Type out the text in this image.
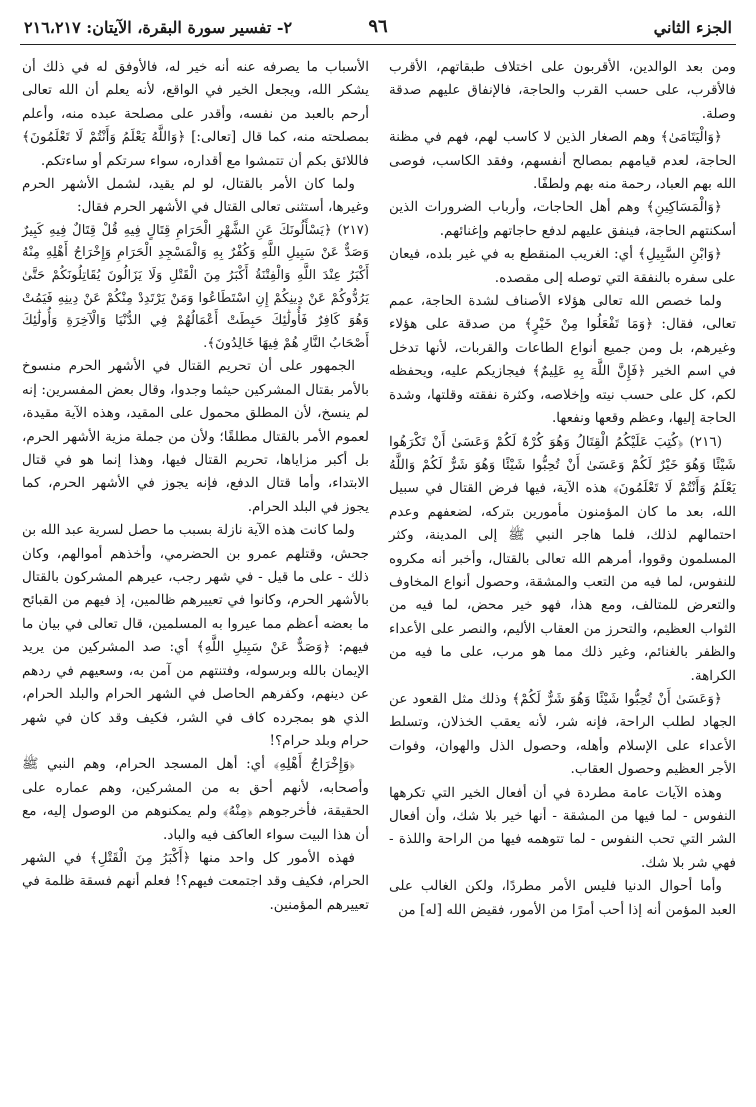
الجزء الثاني
٩٦
٢- تفسير سورة البقرة، الآيتان: ٢١٦،٢١٧

ومن بعد الوالدين، الأقربون على اختلاف طبقاتهم، الأقرب فالأقرب، على حسب القرب والحاجة، فالإنفاق عليهم صدقة وصلة.

﴿وَالْيَتَامَىٰ﴾ وهم الصغار الذين لا كاسب لهم، فهم في مظنة الحاجة، لعدم قيامهم بمصالح أنفسهم، وفقد الكاسب، فوصى الله بهم العباد، رحمة منه بهم ولطفًا.

﴿وَالْمَسَاكِينِ﴾ وهم أهل الحاجات، وأرباب الضرورات الذين أسكنتهم الحاجة، فينفق عليهم لدفع حاجاتهم وإغنائهم.

﴿وَابْنِ السَّبِيلِ﴾ أي: الغريب المنقطع به في غير بلده، فيعان على سفره بالنفقة التي توصله إلى مقصده.

ولما خصص الله تعالى هؤلاء الأصناف لشدة الحاجة، عمم تعالى، فقال: ﴿وَمَا تَفْعَلُوا مِنْ خَيْرٍ﴾ من صدقة على هؤلاء وغيرهم، بل ومن جميع أنواع الطاعات والقربات، لأنها تدخل في اسم الخير ﴿فَإِنَّ اللَّهَ بِهِ عَلِيمٌ﴾ فيجازيكم عليه، ويحفظه لكم، كل على حسب نيته وإخلاصه، وكثرة نفقته وقلتها، وشدة الحاجة إليها، وعظم وقعها ونفعها.

(٢١٦) ﴿كُتِبَ عَلَيْكُمُ الْقِتَالُ وَهُوَ كُرْهٌ لَكُمْ وَعَسَىٰ أَنْ تَكْرَهُوا شَيْئًا وَهُوَ خَيْرٌ لَكُمْ وَعَسَىٰ أَنْ تُحِبُّوا شَيْئًا وَهُوَ شَرٌّ لَكُمْ وَاللَّهُ يَعْلَمُ وَأَنْتُمْ لَا تَعْلَمُونَ﴾ هذه الآية، فيها فرض القتال في سبيل الله، بعد ما كان المؤمنون مأمورين بتركه، لضعفهم وعدم احتمالهم لذلك، فلما هاجر النبي ﷺ إلى المدينة، وكثر المسلمون وقووا، أمرهم الله تعالى بالقتال، وأخبر أنه مكروه للنفوس، لما فيه من التعب والمشقة، وحصول أنواع المخاوف والتعرض للمتالف، ومع هذا، فهو خير محض، لما فيه من الثواب العظيم، والتحرز من العقاب الأليم، والنصر على الأعداء والظفر بالغنائم، وغير ذلك مما هو مرب، على ما فيه من الكراهة.

﴿وَعَسَىٰ أَنْ تُحِبُّوا شَيْئًا وَهُوَ شَرٌّ لَكُمْ﴾ وذلك مثل القعود عن الجهاد لطلب الراحة، فإنه شر، لأنه يعقب الخذلان، وتسلط الأعداء على الإسلام وأهله، وحصول الذل والهوان، وفوات الأجر العظيم وحصول العقاب.

وهذه الآيات عامة مطردة في أن أفعال الخير التي تكرهها النفوس - لما فيها من المشقة - أنها خير بلا شك، وأن أفعال الشر التي تحب النفوس - لما تتوهمه فيها من الراحة واللذة - فهي شر بلا شك.

وأما أحوال الدنيا فليس الأمر مطردًا، ولكن الغالب على العبد المؤمن أنه إذا أحب أمرًا من الأمور، فقيض الله [له] من

الأسباب ما يصرفه عنه أنه خير له، فالأوفق له في ذلك أن يشكر الله، ويجعل الخير في الواقع، لأنه يعلم أن الله تعالى أرحم بالعبد من نفسه، وأقدر على مصلحة عبده منه، وأعلم بمصلحته منه، كما قال [تعالى:] ﴿وَاللَّهُ يَعْلَمُ وَأَنْتُمْ لَا تَعْلَمُونَ﴾ فاللائق بكم أن تتمشوا مع أقداره، سواء سرتكم أو ساءتكم.

ولما كان الأمر بالقتال، لو لم يقيد، لشمل الأشهر الحرم وغيرها، أستثنى تعالى القتال في الأشهر الحرم فقال:

(٢١٧) ﴿يَسْأَلُونَكَ عَنِ الشَّهْرِ الْحَرَامِ قِتَالٍ فِيهِ قُلْ قِتَالٌ فِيهِ كَبِيرٌ وَصَدٌّ عَنْ سَبِيلِ اللَّهِ وَكُفْرٌ بِهِ وَالْمَسْجِدِ الْحَرَامِ وَإِخْرَاجُ أَهْلِهِ مِنْهُ أَكْبَرُ عِنْدَ اللَّهِ وَالْفِتْنَةُ أَكْبَرُ مِنَ الْقَتْلِ وَلَا يَزَالُونَ يُقَاتِلُونَكُمْ حَتَّىٰ يَرُدُّوكُمْ عَنْ دِينِكُمْ إِنِ اسْتَطَاعُوا وَمَنْ يَرْتَدِدْ مِنْكُمْ عَنْ دِينِهِ فَيَمُتْ وَهُوَ كَافِرٌ فَأُولَٰئِكَ حَبِطَتْ أَعْمَالُهُمْ فِي الدُّنْيَا وَالْآخِرَةِ وَأُولَٰئِكَ أَصْحَابُ النَّارِ هُمْ فِيهَا خَالِدُونَ﴾.

الجمهور على أن تحريم القتال في الأشهر الحرم منسوخ بالأمر بقتال المشركين حيثما وجدوا، وقال بعض المفسرين: إنه لم ينسخ، لأن المطلق محمول على المقيد، وهذه الآية مقيدة، لعموم الأمر بالقتال مطلقًا؛ ولأن من جملة مزية الأشهر الحرم، بل أكبر مزاياها، تحريم القتال فيها، وهذا إنما هو في قتال الابتداء، وأما قتال الدفع، فإنه يجوز في الأشهر الحرم، كما يجوز في البلد الحرام.

ولما كانت هذه الآية نازلة بسبب ما حصل لسرية عبد الله بن جحش، وقتلهم عمرو بن الحضرمي، وأخذهم أموالهم، وكان ذلك - على ما قيل - في شهر رجب، عيرهم المشركون بالقتال بالأشهر الحرم، وكانوا في تعييرهم ظالمين، إذ فيهم من القبائح ما بعضه أعظم مما عيروا به المسلمين، قال تعالى في بيان ما فيهم: ﴿وَصَدٌّ عَنْ سَبِيلِ اللَّهِ﴾ أي: صد المشركين من يريد الإيمان بالله وبرسوله، وفتنتهم من آمن به، وسعيهم في ردهم عن دينهم، وكفرهم الحاصل في الشهر الحرام والبلد الحرام، الذي هو بمجرده كاف في الشر، فكيف وقد كان في شهر حرام وبلد حرام؟!

﴿وَإِخْرَاجُ أَهْلِهِ﴾ أي: أهل المسجد الحرام، وهم النبي ﷺ وأصحابه، لأنهم أحق به من المشركين، وهم عماره على الحقيقة، فأخرجوهم ﴿مِنْهُ﴾ ولم يمكنوهم من الوصول إليه، مع أن هذا البيت سواء العاكف فيه والباد.

فهذه الأمور كل واحد منها ﴿أَكْبَرُ مِنَ الْقَتْلِ﴾ في الشهر الحرام، فكيف وقد اجتمعت فيهم؟! فعلم أنهم فسقة ظلمة في تعييرهم المؤمنين.
